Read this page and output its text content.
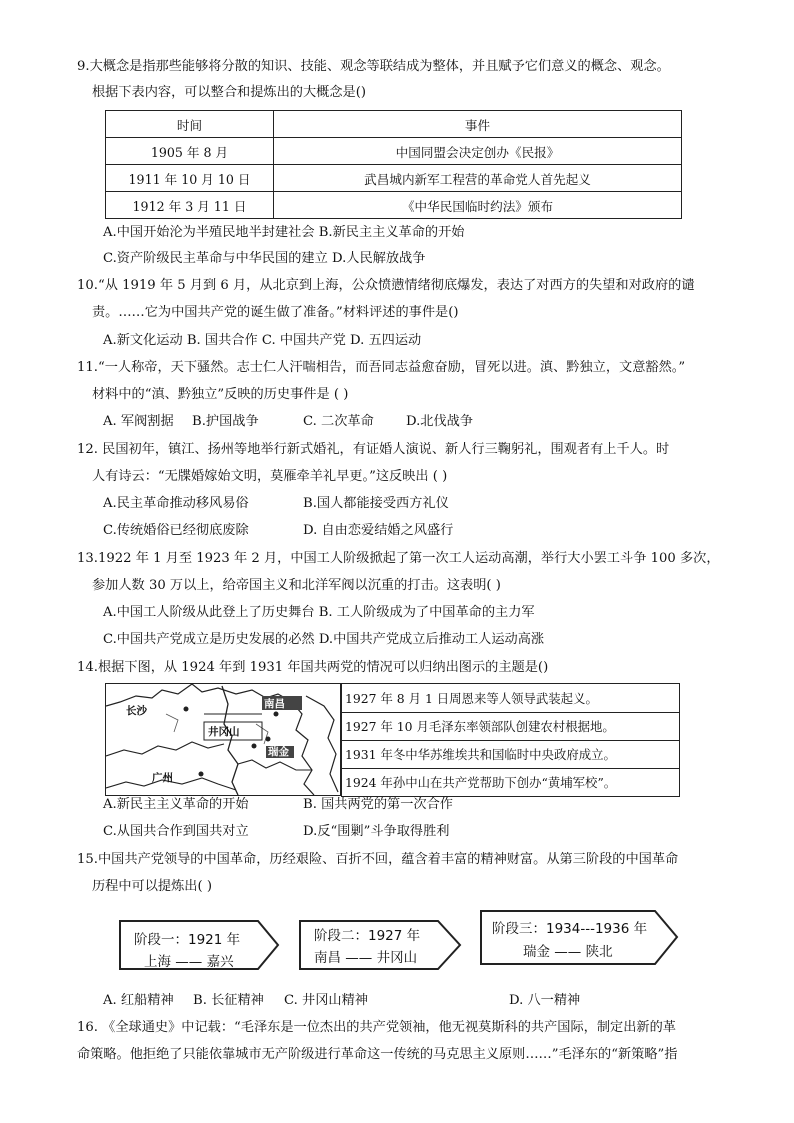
9.大概念是指那些能够将分散的知识、技能、观念等联结成为整体，并且赋予它们意义的概念、观念。
根据下表内容，可以整合和提炼出的大概念是()
时间	事件
1905 年 8 月	中国同盟会决定创办《民报》
1911 年 10 月 10 日	武昌城内新军工程营的革命党人首先起义
1912 年 3 月 11 日	《中华民国临时约法》颁布
A.中国开始沦为半殖民地半封建社会 B.新民主主义革命的开始
C.资产阶级民主革命与中华民国的建立 D.人民解放战争
10.“从 1919 年 5 月到 6 月，从北京到上海，公众愤懑情绪彻底爆发，表达了对西方的失望和对政府的谴
责。……它为中国共产党的诞生做了准备。”材料评述的事件是()
A.新文化运动 B. 国共合作 C. 中国共产党 D. 五四运动
11.“一人称帝，天下骚然。志士仁人汗喘相告，而吾同志益愈奋励，冒死以进。滇、黔独立，文意豁然。”
材料中的“滇、黔独立”反映的历史事件是 ( )
A. 军阀割据 B.护国战争	C. 二次革命 D.北伐战争
12. 民国初年，镇江、扬州等地举行新式婚礼，有证婚人演说、新人行三鞠躬礼，围观者有上千人。时
人有诗云：“无牒婚嫁始文明，莫雁牵羊礼早更。”这反映出 ( )
A.民主革命推动移风易俗	B.国人都能接受西方礼仪
C.传统婚俗已经彻底废除	D. 自由恋爱结婚之风盛行
13.1922 年 1 月至 1923 年 2 月，中国工人阶级掀起了第一次工人运动高潮，举行大小罢工斗争 100 多次，
参加人数 30 万以上，给帝国主义和北洋军阀以沉重的打击。这表明( )
A.中国工人阶级从此登上了历史舞台 B. 工人阶级成为了中国革命的主力军
C.中国共产党成立是历史发展的必然 D.中国共产党成立后推动工人运动高涨
14.根据下图，从 1924 年到 1931 年国共两党的情况可以归纳出图示的主题是()
长沙
南昌
井冈山
瑞金
广州
1927 年 8 月 1 日周恩来等人领导武装起义。
1927 年 10 月毛泽东率领部队创建农村根据地。
1931 年冬中华苏维埃共和国临时中央政府成立。
1924 年孙中山在共产党帮助下创办“黄埔军校”。
A.新民主主义革命的开始	B. 国共两党的第一次合作
C.从国共合作到国共对立	D.反“围剿”斗争取得胜利
15.中国共产党领导的中国革命，历经艰险、百折不回，蕴含着丰富的精神财富。从第三阶段的中国革命
历程中可以提炼出( )
阶段一：1921 年
上海 —— 嘉兴
阶段二：1927 年
南昌 —— 井冈山
阶段三：1934---1936 年
瑞金 —— 陕北
A. 红船精神 B. 长征精神 C. 井冈山精神	D. 八一精神
16. 《全球通史》中记载：“毛泽东是一位杰出的共产党领袖，他无视莫斯科的共产国际，制定出新的革
命策略。他拒绝了只能依靠城市无产阶级进行革命这一传统的马克思主义原则……”毛泽东的“新策略”指
